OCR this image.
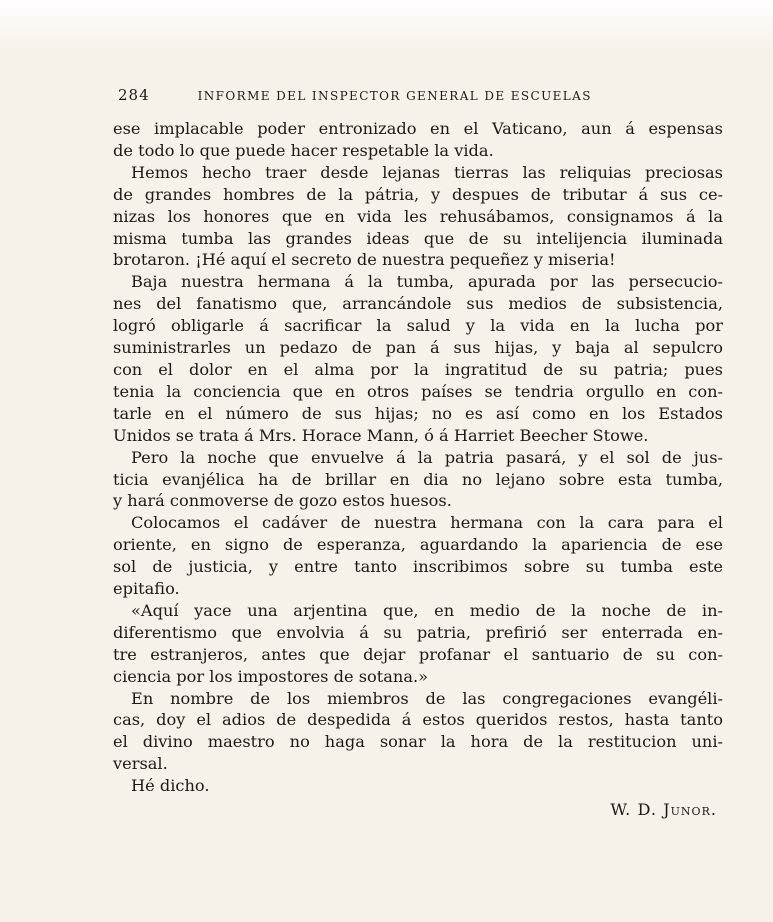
284	INFORME DEL INSPECTOR GENERAL DE ESCUELAS
ese implacable poder entronizado en el Vaticano, aun á espensas
de todo lo que puede hacer respetable la vida.
Hemos hecho traer desde lejanas tierras las reliquias preciosas
de grandes hombres de la pátria, y despues de tributar á sus ce-
nizas los honores que en vida les rehusábamos, consignamos á la
misma tumba las grandes ideas que de su intelijencia iluminada
brotaron. ¡Hé aquí el secreto de nuestra pequeñez y miseria!
Baja nuestra hermana á la tumba, apurada por las persecucio-
nes del fanatismo que, arrancándole sus medios de subsistencia,
logró obligarle á sacrificar la salud y la vida en la lucha por
suministrarles un pedazo de pan á sus hijas, y baja al sepulcro
con el dolor en el alma por la ingratitud de su patria; pues
tenia la conciencia que en otros países se tendria orgullo en con-
tarle en el número de sus hijas; no es así como en los Estados
Unidos se trata á Mrs. Horace Mann, ó á Harriet Beecher Stowe.
Pero la noche que envuelve á la patria pasará, y el sol de jus-
ticia evanjélica ha de brillar en dia no lejano sobre esta tumba,
y hará conmoverse de gozo estos huesos.
Colocamos el cadáver de nuestra hermana con la cara para el
oriente, en signo de esperanza, aguardando la apariencia de ese
sol de justicia, y entre tanto inscribimos sobre su tumba este
epitafio.
«Aquí yace una arjentina que, en medio de la noche de in-
diferentismo que envolvia á su patria, prefirió ser enterrada en-
tre estranjeros, antes que dejar profanar el santuario de su con-
ciencia por los impostores de sotana.»
En nombre de los miembros de las congregaciones evangéli-
cas, doy el adios de despedida á estos queridos restos, hasta tanto
el divino maestro no haga sonar la hora de la restitucion uni-
versal.
Hé dicho.
W. D. Junor.
